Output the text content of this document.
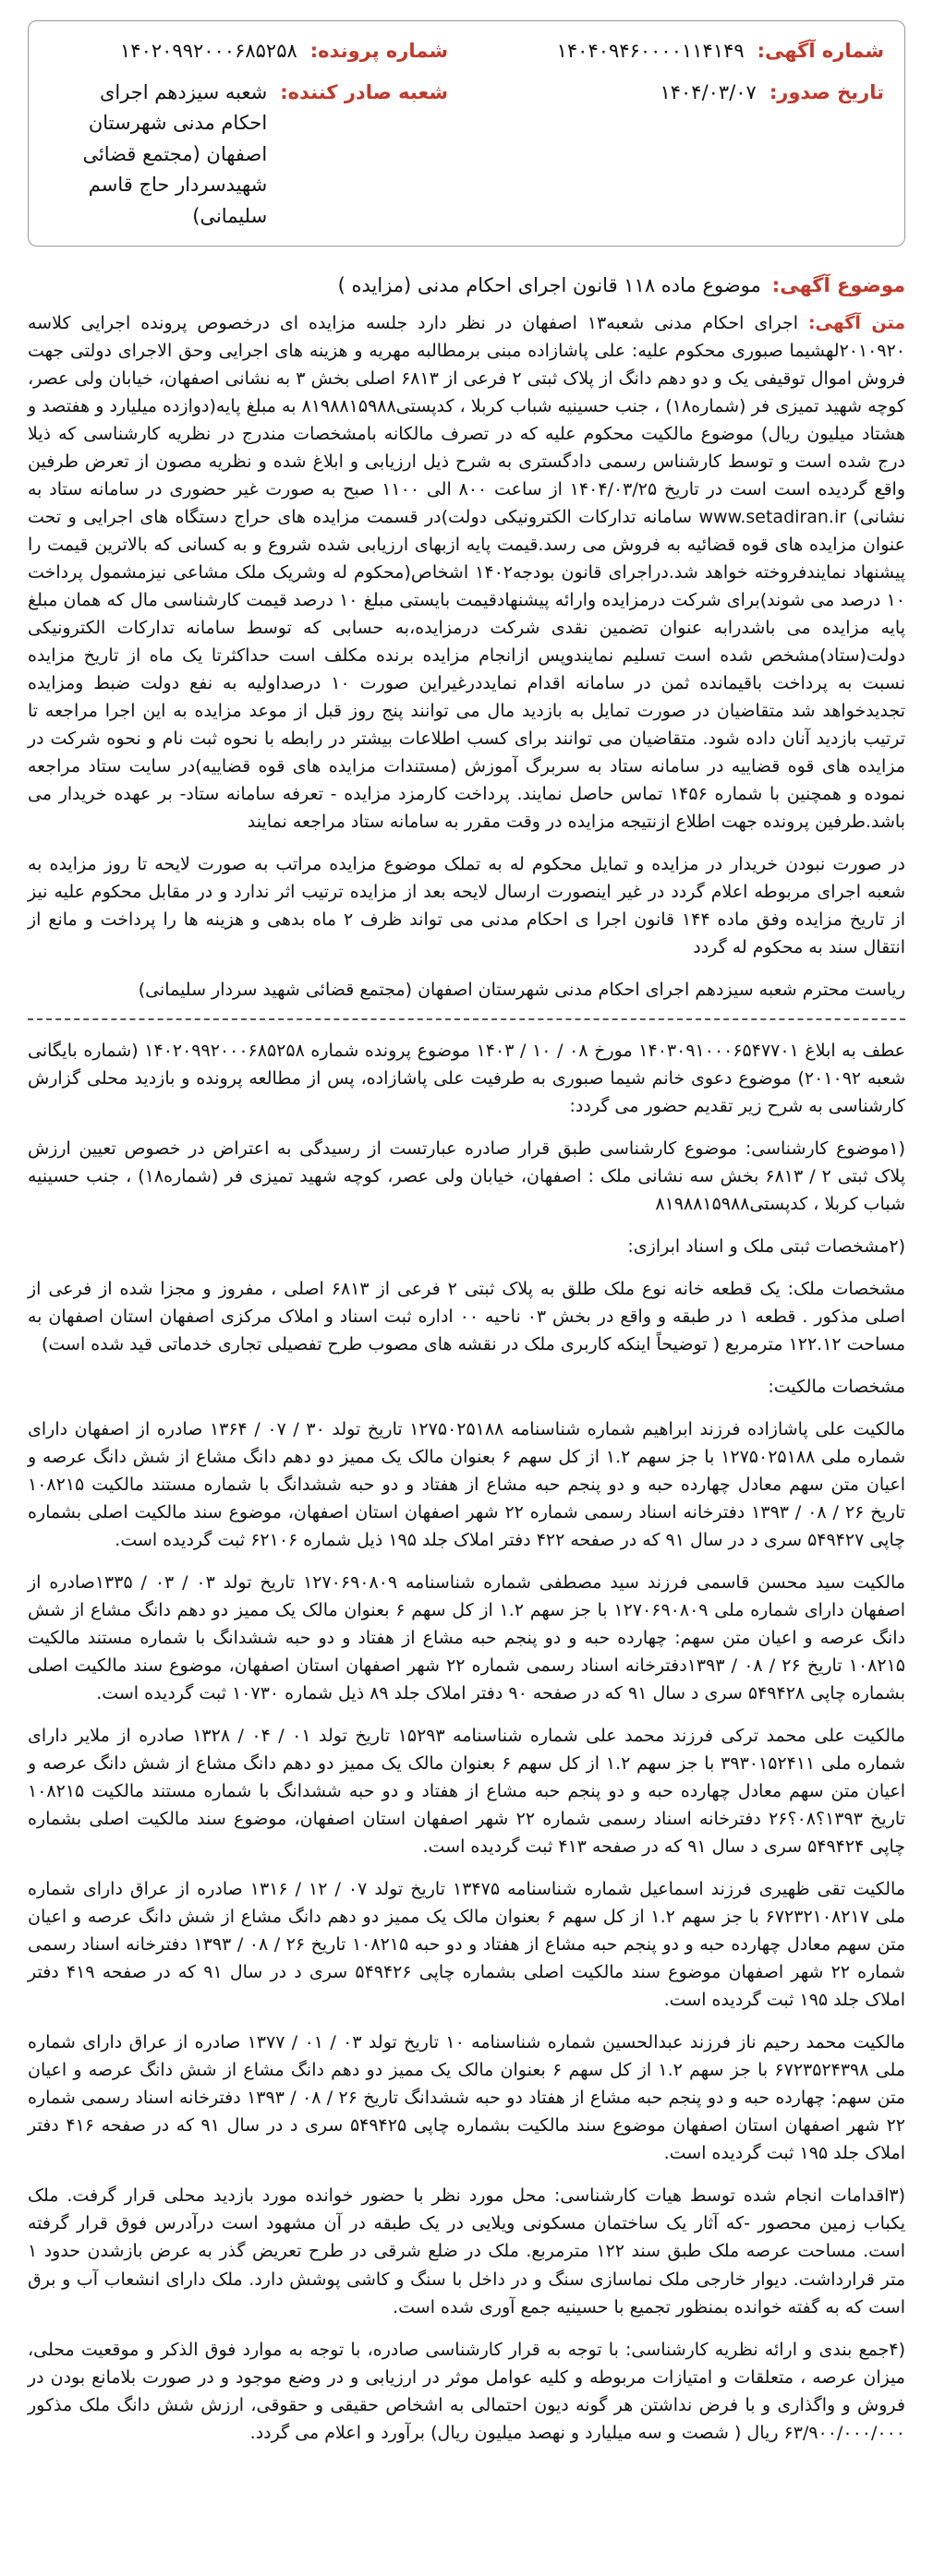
شماره آگهی:
۱۴۰۴۰۹۴۶۰۰۰۰۱۱۴۱۴۹
شماره پرونده:
۱۴۰۲۰۹۹۲۰۰۰۶۸۵۲۵۸
تاریخ صدور:
۱۴۰۴/۰۳/۰۷
شعبه صادر کننده:
شعبه سیزدهم اجرای احکام مدنی شهرستان اصفهان (مجتمع قضائی شهیدسردار حاج قاسم سلیمانی)
موضوع آگهی:
موضوع ماده ۱۱۸ قانون اجرای احکام مدنی (مزایده )

متن آگهی: اجرای احکام مدنی شعبه۱۳ اصفهان در نظر دارد جلسه مزایده ای درخصوص پرونده اجرایی کلاسه ۲۰۱۰۹۲۰لهشیما صبوری محکوم علیه: علی پاشازاده مبنی برمطالبه مهریه و هزینه های اجرایی وحق الاجرای دولتی جهت فروش اموال توقیفی یک و دو دهم دانگ از پلاک ثبتی ۲ فرعی از ۶۸۱۳ اصلی بخش ۳ به نشانی اصفهان، خیابان ولی عصر، کوچه شهید تمیزی فر (شماره۱۸) ، جنب حسینیه شباب کربلا ، کدپستی۸۱۹۸۸۱۵۹۸۸ به مبلغ پایه(دوازده میلیارد و هفتصد و هشتاد میلیون ریال) موضوع مالکیت محکوم علیه که در تصرف مالکانه بامشخصات مندرج در نظریه کارشناسی که ذیلا درج شده است و توسط کارشناس رسمی دادگستری به شرح ذیل ارزیابی و ابلاغ شده و نظریه مصون از تعرض طرفین واقع گردیده است است در تاریخ ۱۴۰۴/۰۳/۲۵ از ساعت ۸۰۰ الی ۱۱۰۰ صبح به صورت غیر حضوری در سامانه ستاد به نشانی) www.setadiran.ir سامانه تدارکات الکترونیکی دولت)در قسمت مزایده های حراج دستگاه های اجرایی و تحت عنوان مزایده های قوه قضائیه به فروش می رسد.قیمت پایه ازبهای ارزیابی شده شروع و به کسانی که بالاترین قیمت را پیشنهاد نمایندفروخته خواهد شد.دراجرای قانون بودجه۱۴۰۲ اشخاص(محکوم له وشریک ملک مشاعی نیزمشمول پرداخت ۱۰ درصد می شوند)برای شرکت درمزایده وارائه پیشنهادقیمت بایستی مبلغ ۱۰ درصد قیمت کارشناسی مال که همان مبلغ پایه مزایده می باشدرابه عنوان تضمین نقدی شرکت درمزایده،به حسابی که توسط سامانه تدارکات الکترونیکی دولت(ستاد)مشخص شده است تسلیم نمایندوپس ازانجام مزایده برنده مکلف است حداکثرتا یک ماه از تاریخ مزایده نسبت به پرداخت باقیمانده ثمن در سامانه اقدام نمایددرغیراین صورت ۱۰ درصداولیه به نفع دولت ضبط ومزایده تجدیدخواهد شد متقاضیان در صورت تمایل به بازدید مال می توانند پنج روز قبل از موعد مزایده به این اجرا مراجعه تا ترتیب بازدید آنان داده شود. متقاضیان می توانند برای کسب اطلاعات بیشتر در رابطه با نحوه ثبت نام و نحوه شرکت در مزایده های قوه قضاییه در سامانه ستاد به سربرگ آموزش (مستندات مزایده های قوه قضاییه)در سایت ستاد مراجعه نموده و همچنین با شماره ۱۴۵۶ تماس حاصل نمایند. پرداخت کارمزد مزایده - تعرفه سامانه ستاد- بر عهده خریدار می باشد.طرفین پرونده جهت اطلاع ازنتیجه مزایده در وقت مقرر به سامانه ستاد مراجعه نمایند

در صورت نبودن خریدار در مزایده و تمایل محکوم له به تملک موضوع مزایده مراتب به صورت لایحه تا روز مزایده به شعبه اجرای مربوطه اعلام گردد در غیر اینصورت ارسال لایحه بعد از مزایده ترتیب اثر ندارد و در مقابل محکوم علیه نیز از تاریخ مزایده وفق ماده ۱۴۴ قانون اجرا ی احکام مدنی می تواند ظرف ۲ ماه بدهی و هزینه ها را پرداخت و مانع از انتقال سند به محکوم له گردد

ریاست محترم شعبه سیزدهم اجرای احکام مدنی شهرستان اصفهان (مجتمع قضائی شهید سردار سلیمانی)

عطف به ابلاغ ۱۴۰۳۰۹۱۰۰۰۶۵۴۷۷۰۱ مورخ ۰۸ / ۱۰ / ۱۴۰۳ موضوع پرونده شماره ۱۴۰۲۰۹۹۲۰۰۰۶۸۵۲۵۸ (شماره بایگانی شعبه ۲۰۱۰۹۲) موضوع دعوی خانم شیما صبوری به طرفیت علی پاشازاده، پس از مطالعه پرونده و بازدید محلی گزارش کارشناسی به شرح زیر تقدیم حضور می گردد:

(۱موضوع کارشناسی: موضوع کارشناسی طبق قرار صادره عبارتست از رسیدگی به اعتراض در خصوص تعیین ارزش پلاک ثبتی ۲ / ۶۸۱۳ بخش سه نشانی ملک : اصفهان، خیابان ولی عصر، کوچه شهید تمیزی فر (شماره۱۸) ، جنب حسینیه شباب کربلا ، کدپستی۸۱۹۸۸۱۵۹۸۸

(۲مشخصات ثبتی ملک و اسناد ابرازی:

مشخصات ملک: یک قطعه خانه نوع ملک طلق به پلاک ثبتی ۲ فرعی از ۶۸۱۳ اصلی ، مفروز و مجزا شده از فرعی از اصلی مذکور . قطعه ۱ در طبقه و واقع در بخش ۰۳ ناحیه ۰۰ اداره ثبت اسناد و املاک مرکزی اصفهان استان اصفهان به مساحت ۱۲۲.۱۲ مترمربع ( توضیحاً اینکه کاربری ملک در نقشه های مصوب طرح تفصیلی تجاری خدماتی قید شده است)

مشخصات مالکیت:

مالکیت علی پاشازاده فرزند ابراهیم شماره شناسنامه ۱۲۷۵۰۲۵۱۸۸ تاریخ تولد ۳۰ / ۰۷ / ۱۳۶۴ صادره از اصفهان دارای شماره ملی ۱۲۷۵۰۲۵۱۸۸ با جز سهم ۱.۲ از کل سهم ۶ بعنوان مالک یک ممیز دو دهم دانگ مشاع از شش دانگ عرصه و اعیان متن سهم معادل چهارده حبه و دو پنجم حبه مشاع از هفتاد و دو حبه ششدانگ با شماره مستند مالکیت ۱۰۸۲۱۵ تاریخ ۲۶ / ۰۸ / ۱۳۹۳ دفترخانه اسناد رسمی شماره ۲۲ شهر اصفهان استان اصفهان، موضوع سند مالکیت اصلی بشماره چاپی ۵۴۹۴۲۷ سری د در سال ۹۱ که در صفحه ۴۲۲ دفتر املاک جلد ۱۹۵ ذیل شماره ۶۲۱۰۶ ثبت گردیده است.

مالکیت سید محسن قاسمی فرزند سید مصطفی شماره شناسنامه ۱۲۷۰۶۹۰۸۰۹ تاریخ تولد ۰۳ / ۰۳ / ۱۳۳۵صادره از اصفهان دارای شماره ملی ۱۲۷۰۶۹۰۸۰۹ با جز سهم ۱.۲ از کل سهم ۶ بعنوان مالک یک ممیز دو دهم دانگ مشاع از شش دانگ عرصه و اعیان متن سهم: چهارده حبه و دو پنجم حبه مشاع از هفتاد و دو حبه ششدانگ با شماره مستند مالکیت ۱۰۸۲۱۵ تاریخ ۲۶ / ۰۸ / ۱۳۹۳دفترخانه اسناد رسمی شماره ۲۲ شهر اصفهان استان اصفهان، موضوع سند مالکیت اصلی بشماره چاپی ۵۴۹۴۲۸ سری د سال ۹۱ که در صفحه ۹۰ دفتر املاک جلد ۸۹ ذیل شماره ۱۰۷۳۰ ثبت گردیده است.

مالکیت علی محمد ترکی فرزند محمد علی شماره شناسنامه ۱۵۲۹۳ تاریخ تولد ۰۱ / ۰۴ / ۱۳۲۸ صادره از ملایر دارای شماره ملی ۳۹۳۰۱۵۲۴۱۱ با جز سهم ۱.۲ از کل سهم ۶ بعنوان مالک یک ممیز دو دهم دانگ مشاع از شش دانگ عرصه و اعیان متن سهم معادل چهارده حبه و دو پنجم حبه مشاع از هفتاد و دو حبه ششدانگ با شماره مستند مالکیت ۱۰۸۲۱۵ تاریخ ۱۳۹۳؟۰۸؟۲۶ دفترخانه اسناد رسمی شماره ۲۲ شهر اصفهان استان اصفهان، موضوع سند مالکیت اصلی بشماره چاپی ۵۴۹۴۲۴ سری د سال ۹۱ که در صفحه ۴۱۳ ثبت گردیده است.

مالکیت تقی ظهیری فرزند اسماعیل شماره شناسنامه ۱۳۴۷۵ تاریخ تولد ۰۷ / ۱۲ / ۱۳۱۶ صادره از عراق دارای شماره ملی ۶۷۲۳۲۱۰۸۲۱۷ با جز سهم ۱.۲ از کل سهم ۶ بعنوان مالک یک ممیز دو دهم دانگ مشاع از شش دانگ عرصه و اعیان متن سهم معادل چهارده حبه و دو پنجم حبه مشاع از هفتاد و دو حبه ۱۰۸۲۱۵ تاریخ ۲۶ / ۰۸ / ۱۳۹۳ دفترخانه اسناد رسمی شماره ۲۲ شهر اصفهان موضوع سند مالکیت اصلی بشماره چاپی ۵۴۹۴۲۶ سری د در سال ۹۱ که در صفحه ۴۱۹ دفتر املاک جلد ۱۹۵ ثبت گردیده است.

مالکیت محمد رحیم ناز فرزند عبدالحسین شماره شناسنامه ۱۰ تاریخ تولد ۰۳ / ۰۱ / ۱۳۷۷ صادره از عراق دارای شماره ملی ۶۷۲۳۵۲۴۳۹۸ با جز سهم ۱.۲ از کل سهم ۶ بعنوان مالک یک ممیز دو دهم دانگ مشاع از شش دانگ عرصه و اعیان متن سهم: چهارده حبه و دو پنجم حبه مشاع از هفتاد دو حبه ششدانگ تاریخ ۲۶ / ۰۸ / ۱۳۹۳ دفترخانه اسناد رسمی شماره ۲۲ شهر اصفهان استان اصفهان موضوع سند مالکیت بشماره چاپی ۵۴۹۴۲۵ سری د در سال ۹۱ که در صفحه ۴۱۶ دفتر املاک جلد ۱۹۵ ثبت گردیده است.

(۳اقدامات انجام شده توسط هیات کارشناسی: محل مورد نظر با حضور خوانده مورد بازدید محلی قرار گرفت. ملک یکباب زمین محصور -که آثار یک ساختمان مسکونی ویلایی در یک طبقه در آن مشهود است درآدرس فوق قرار گرفته است. مساحت عرصه ملک طبق سند ۱۲۲ مترمربع. ملک در ضلع شرقی در طرح تعریض گذر به عرض بازشدن حدود ۱ متر قرارداشت. دیوار خارجی ملک نماسازی سنگ و در داخل با سنگ و کاشی پوشش دارد. ملک دارای انشعاب آب و برق است که به گفته خوانده بمنظور تجمیع با حسینیه جمع آوری شده است.

(۴جمع بندی و ارائه نظریه کارشناسی: با توجه به قرار کارشناسی صادره، با توجه به موارد فوق الذکر و موقعیت محلی، میزان عرصه ، متعلقات و امتیازات مربوطه و کلیه عوامل موثر در ارزیابی و در وضع موجود و در صورت بلامانع بودن در فروش و واگذاری و با فرض نداشتن هر گونه دیون احتمالی به اشخاص حقیقی و حقوقی، ارزش شش دانگ ملک مذکور ۶۳/۹۰۰/۰۰۰/۰۰۰ ریال ( شصت و سه میلیارد و نهصد میلیون ریال) برآورد و اعلام می گردد.
